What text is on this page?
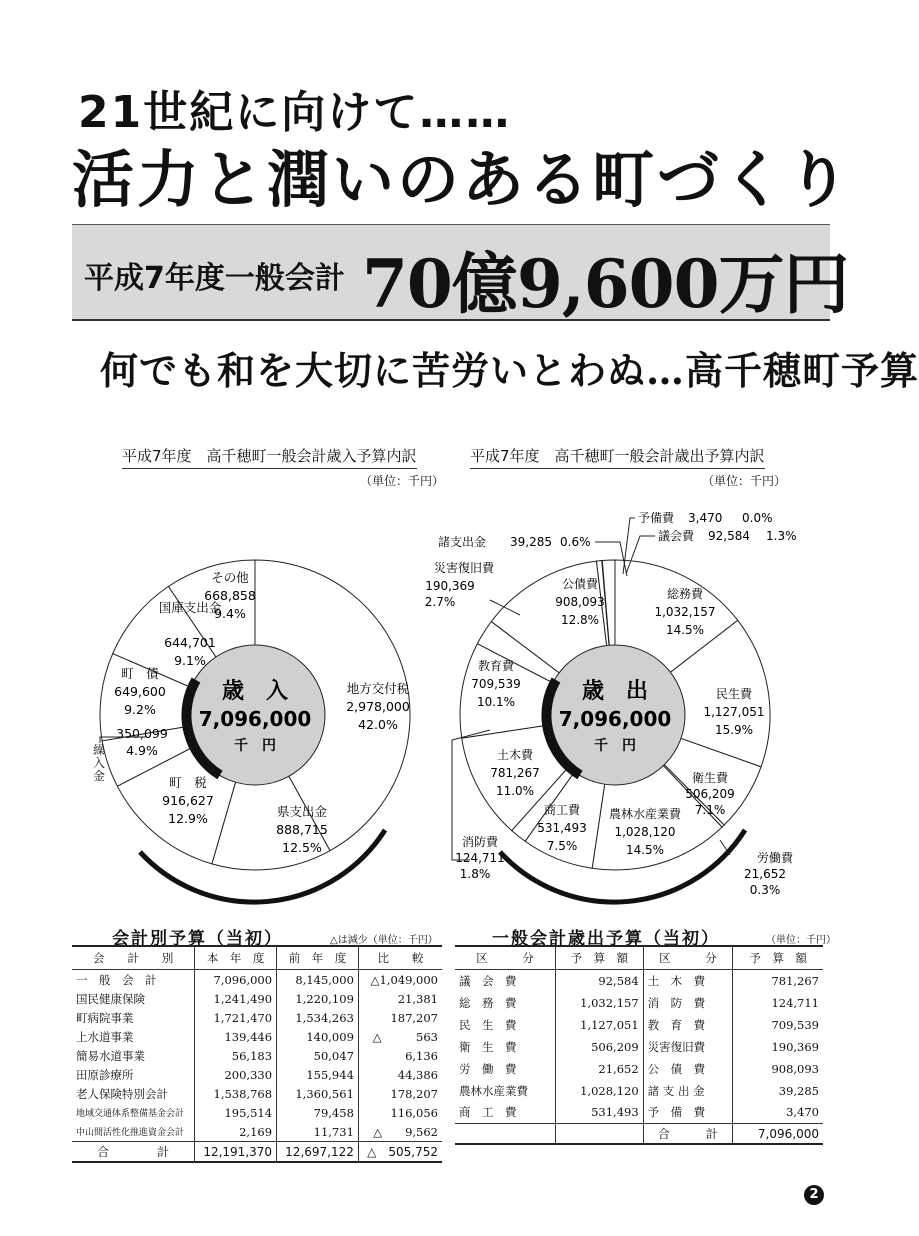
21世紀に向けて……
活力と潤いのある町づくり
平成7年度一般会計 70億9,600万円
何でも和を大切に苦労いとわぬ…高千穂町予算
平成7年度　高千穂町一般会計歳入予算内訳
（単位：千円）
平成7年度　高千穂町一般会計歳出予算内訳
（単位：千円）
歳　入
7,096,000
千　円
地方交付税
2,978,000
42.0%
県支出金
888,715
12.5%
町　税
916,627
12.9%
350,099
4.9%
町　債
649,600
9.2%
国庫支出金
644,701
9.1%
その他
668,858
9.4%
繰入金
歳　出
7,096,000
千　円
総務費
1,032,157
14.5%
民生費
1,127,051
15.9%
衛生費
506,209
7.1%
労働費
21,652
0.3%
農林水産業費
1,028,120
14.5%
商工費
531,493
7.5%
消防費
124,711
1.8%
土木費
781,267
11.0%
教育費
709,539
10.1%
災害復旧費
190,369
2.7%
公債費
908,093
12.8%
諸支出金 39,285 0.6%
予備費 3,470 0.0%
議会費 92,584 1.3%
会計別予算（当初）	△は減少（単位：千円）
会　　計　　別	本　年　度	前　年　度	比　　較
一　般　会　計	7,096,000	8,145,000	△1,049,000
国民健康保険	1,241,490	1,220,109	21,381
町病院事業	1,721,470	1,534,263	187,207
上水道事業	139,446	140,009	△　　　563
簡易水道事業	56,183	50,047	6,136
田原診療所	200,330	155,944	44,386
老人保険特別会計	1,538,768	1,360,561	178,207
地域交通体系整備基金会計	195,514	79,458	116,056
中山間活性化推進資金会計	2,169	11,731	△　　9,562
合　　　　計	12,191,370	12,697,122	△　505,752
一般会計歳出予算（当初）	（単位：千円）
区　　　分	予　算　額	区　　　分	予　算　額
議　会　費	92,584	土　木　費	781,267
総　務　費	1,032,157	消　防　費	124,711
民　生　費	1,127,051	教　育　費	709,539
衛　生　費	506,209	災害復旧費	190,369
労　働　費	21,652	公　債　費	908,093
農林水産業費	1,028,120	諸 支 出 金	39,285
商　工　費	531,493	予　備　費	3,470
		合　　　計	7,096,000
2
